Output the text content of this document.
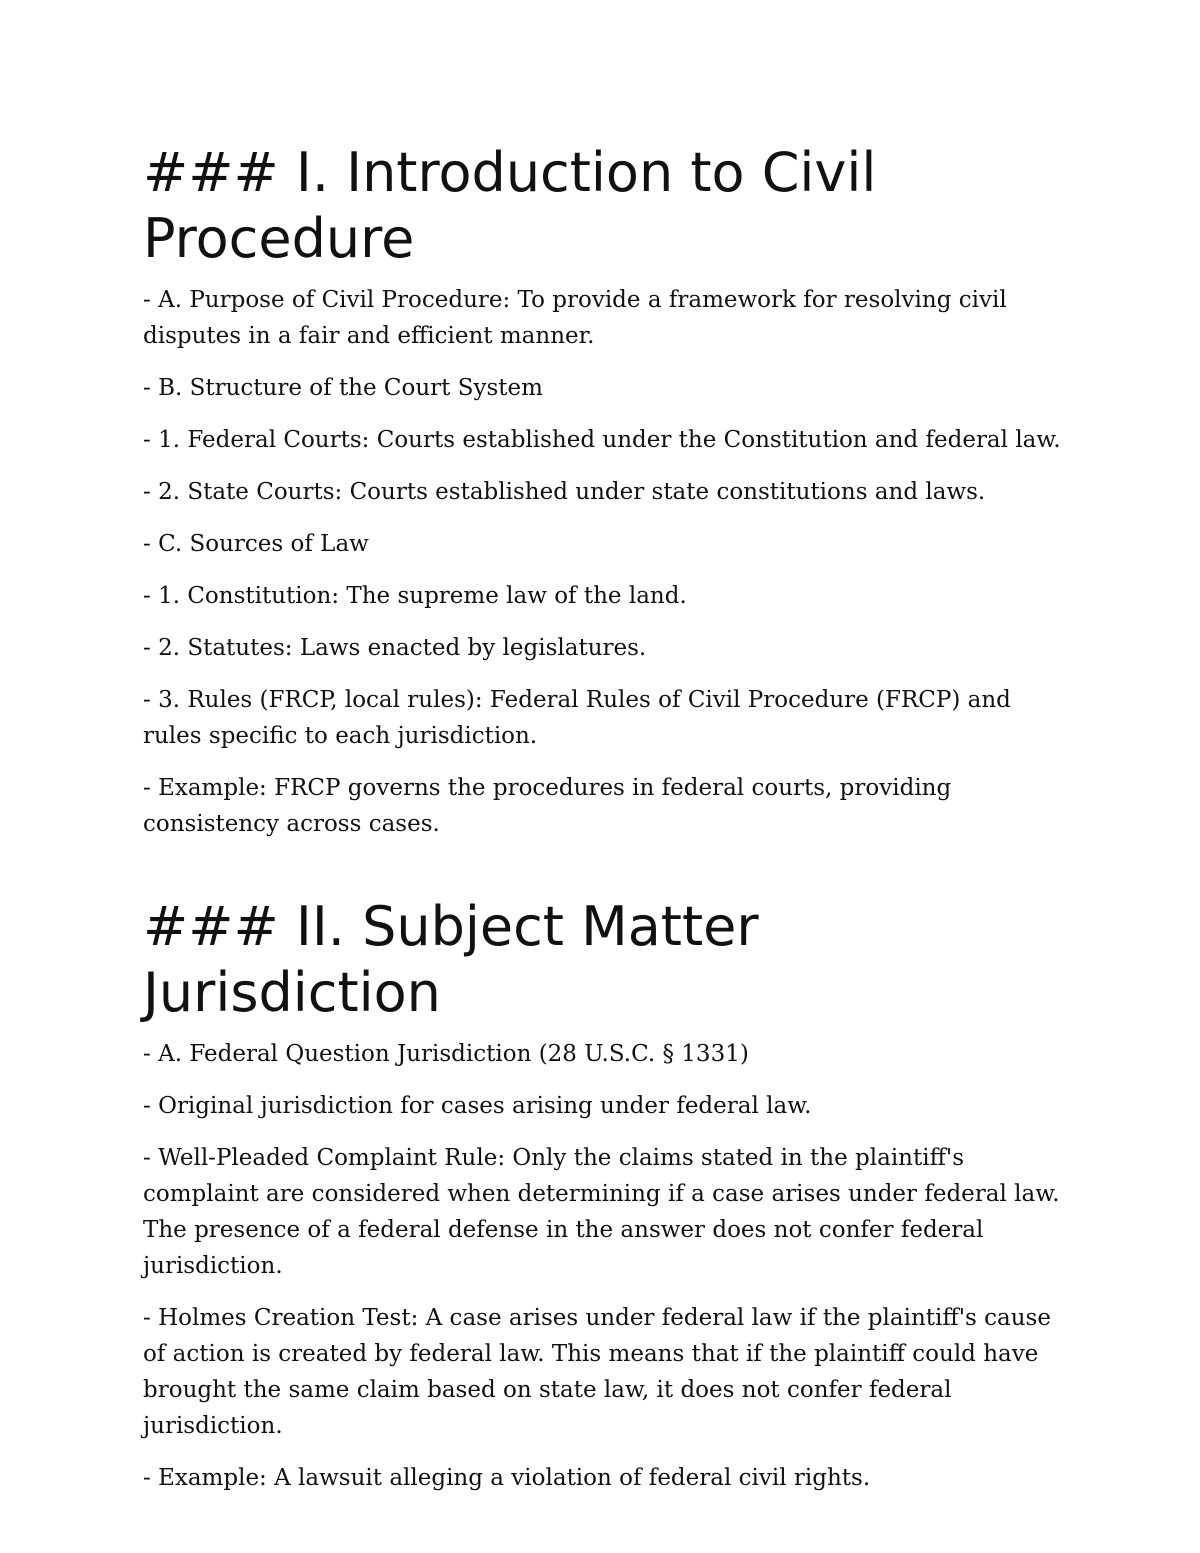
### I. Introduction to Civil Procedure

- A. Purpose of Civil Procedure: To provide a framework for resolving civil disputes in a fair and efficient manner.

- B. Structure of the Court System

- 1. Federal Courts: Courts established under the Constitution and federal law.

- 2. State Courts: Courts established under state constitutions and laws.

- C. Sources of Law

- 1. Constitution: The supreme law of the land.

- 2. Statutes: Laws enacted by legislatures.

- 3. Rules (FRCP, local rules): Federal Rules of Civil Procedure (FRCP) and rules specific to each jurisdiction.

- Example: FRCP governs the procedures in federal courts, providing consistency across cases.

### II. Subject Matter Jurisdiction

- A. Federal Question Jurisdiction (28 U.S.C. § 1331)

- Original jurisdiction for cases arising under federal law.

- Well-Pleaded Complaint Rule: Only the claims stated in the plaintiff's complaint are considered when determining if a case arises under federal law. The presence of a federal defense in the answer does not confer federal jurisdiction.

- Holmes Creation Test: A case arises under federal law if the plaintiff's cause of action is created by federal law. This means that if the plaintiff could have brought the same claim based on state law, it does not confer federal jurisdiction.

- Example: A lawsuit alleging a violation of federal civil rights.
